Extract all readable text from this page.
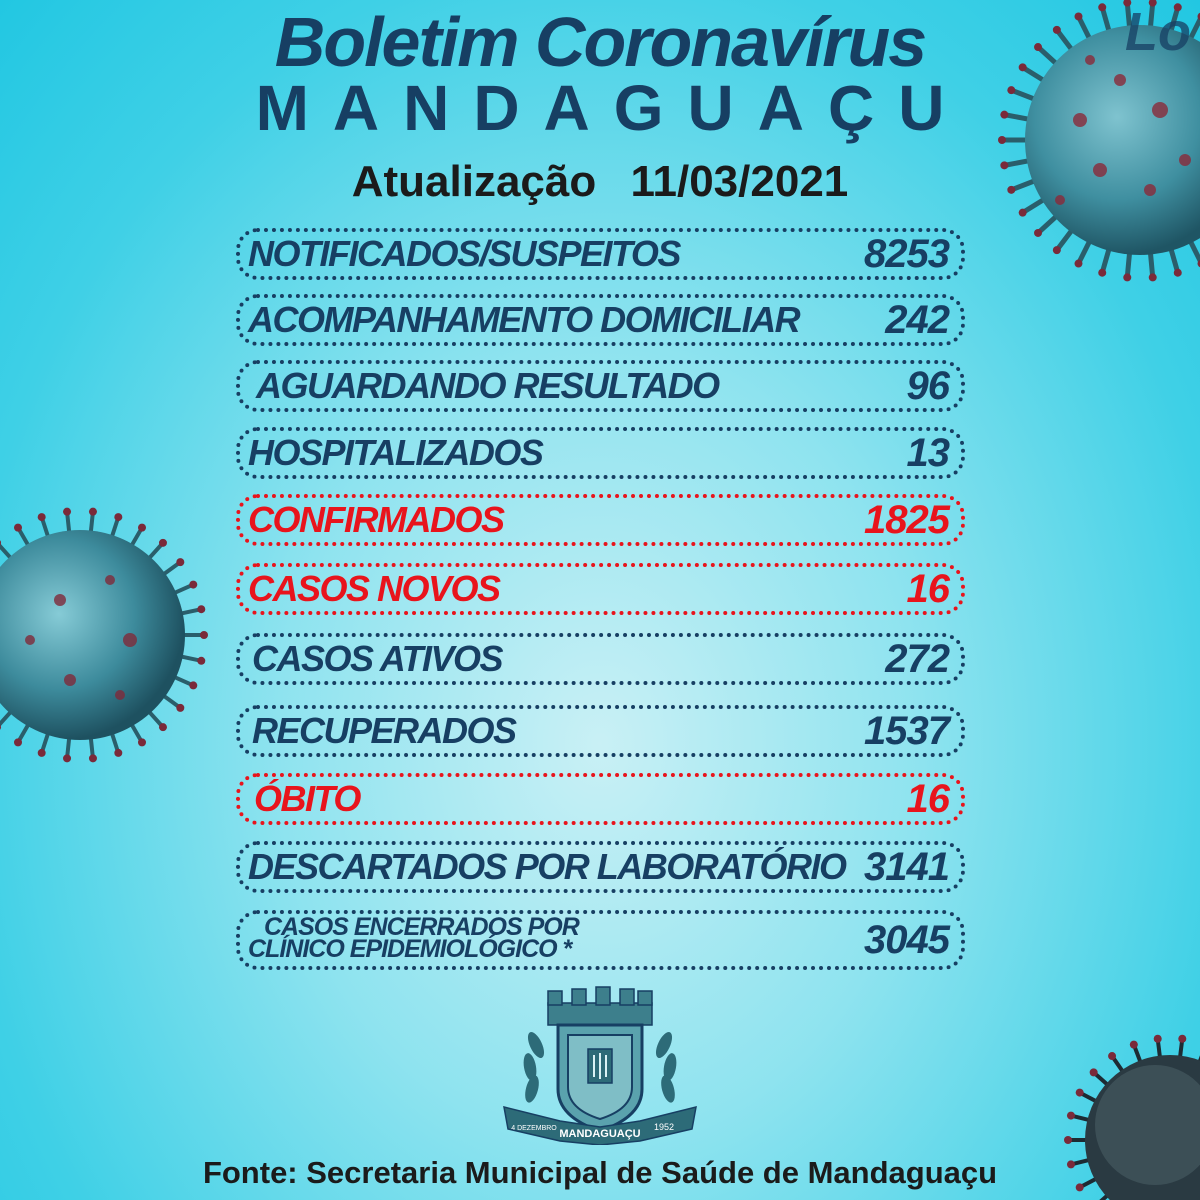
Lo
Boletim Coronavírus
MANDAGUAÇU

Atualização 11/03/2021

NOTIFICADOS/SUSPEITOS	8253
ACOMPANHAMENTO DOMICILIAR 242
AGUARDANDO RESULTADO	96
HOSPITALIZADOS	13
CONFIRMADOS	1825
CASOS NOVOS	16
CASOS ATIVOS	272
RECUPERADOS	1537
ÓBITO	16
DESCARTADOS POR LABORATÓRIO 3141
CASOS ENCERRADOS POR
CLÍNICO EPIDEMIOLÓGICO *	3045
4 DEZEMBRO MANDAGUAÇU
1952

Fonte: Secretaria Municipal de Saúde de Mandaguaçu
